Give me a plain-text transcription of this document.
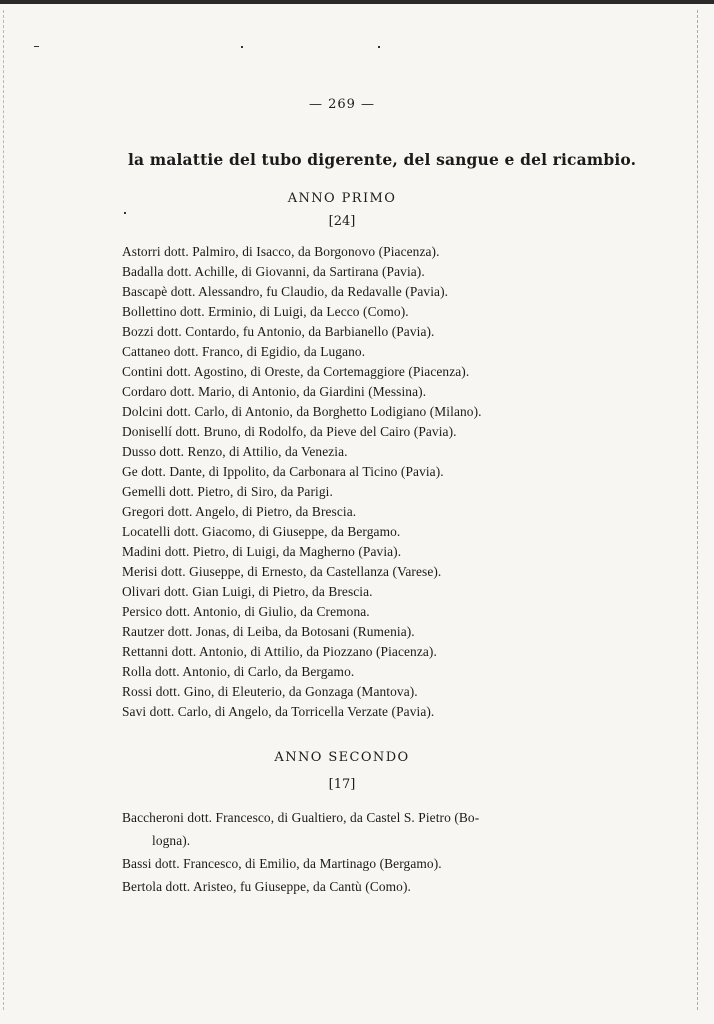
— 269 —
la malattie del tubo digerente, del sangue e del ricambio.
ANNO PRIMO
[24]
Astorri dott. Palmiro, di Isacco, da Borgonovo (Piacenza).
Badalla dott. Achille, di Giovanni, da Sartirana (Pavia).
Bascapè dott. Alessandro, fu Claudio, da Redavalle (Pavia).
Bollettino dott. Erminio, di Luigi, da Lecco (Como).
Bozzi dott. Contardo, fu Antonio, da Barbianello (Pavia).
Cattaneo dott. Franco, di Egidio, da Lugano.
Contini dott. Agostino, di Oreste, da Cortemaggiore (Piacenza).
Cordaro dott. Mario, di Antonio, da Giardini (Messina).
Dolcini dott. Carlo, di Antonio, da Borghetto Lodigiano (Milano).
Donisellí dott. Bruno, di Rodolfo, da Pieve del Cairo (Pavia).
Dusso dott. Renzo, di Attilio, da Venezia.
Ge dott. Dante, di Ippolito, da Carbonara al Ticino (Pavia).
Gemelli dott. Pietro, di Siro, da Parigi.
Gregori dott. Angelo, di Pietro, da Brescia.
Locatelli dott. Giacomo, di Giuseppe, da Bergamo.
Madini dott. Pietro, di Luigi, da Magherno (Pavia).
Merisi dott. Giuseppe, di Ernesto, da Castellanza (Varese).
Olivari dott. Gian Luigi, di Pietro, da Brescia.
Persico dott. Antonio, di Giulio, da Cremona.
Rautzer dott. Jonas, di Leiba, da Botosani (Rumenia).
Rettanni dott. Antonio, di Attilio, da Piozzano (Piacenza).
Rolla dott. Antonio, di Carlo, da Bergamo.
Rossi dott. Gino, di Eleuterio, da Gonzaga (Mantova).
Savi dott. Carlo, di Angelo, da Torricella Verzate (Pavia).
ANNO SECONDO
[17]
Baccheroni dott. Francesco, di Gualtiero, da Castel S. Pietro (Bo-
logna).
Bassi dott. Francesco, di Emilio, da Martinago (Bergamo).
Bertola dott. Aristeo, fu Giuseppe, da Cantù (Como).
